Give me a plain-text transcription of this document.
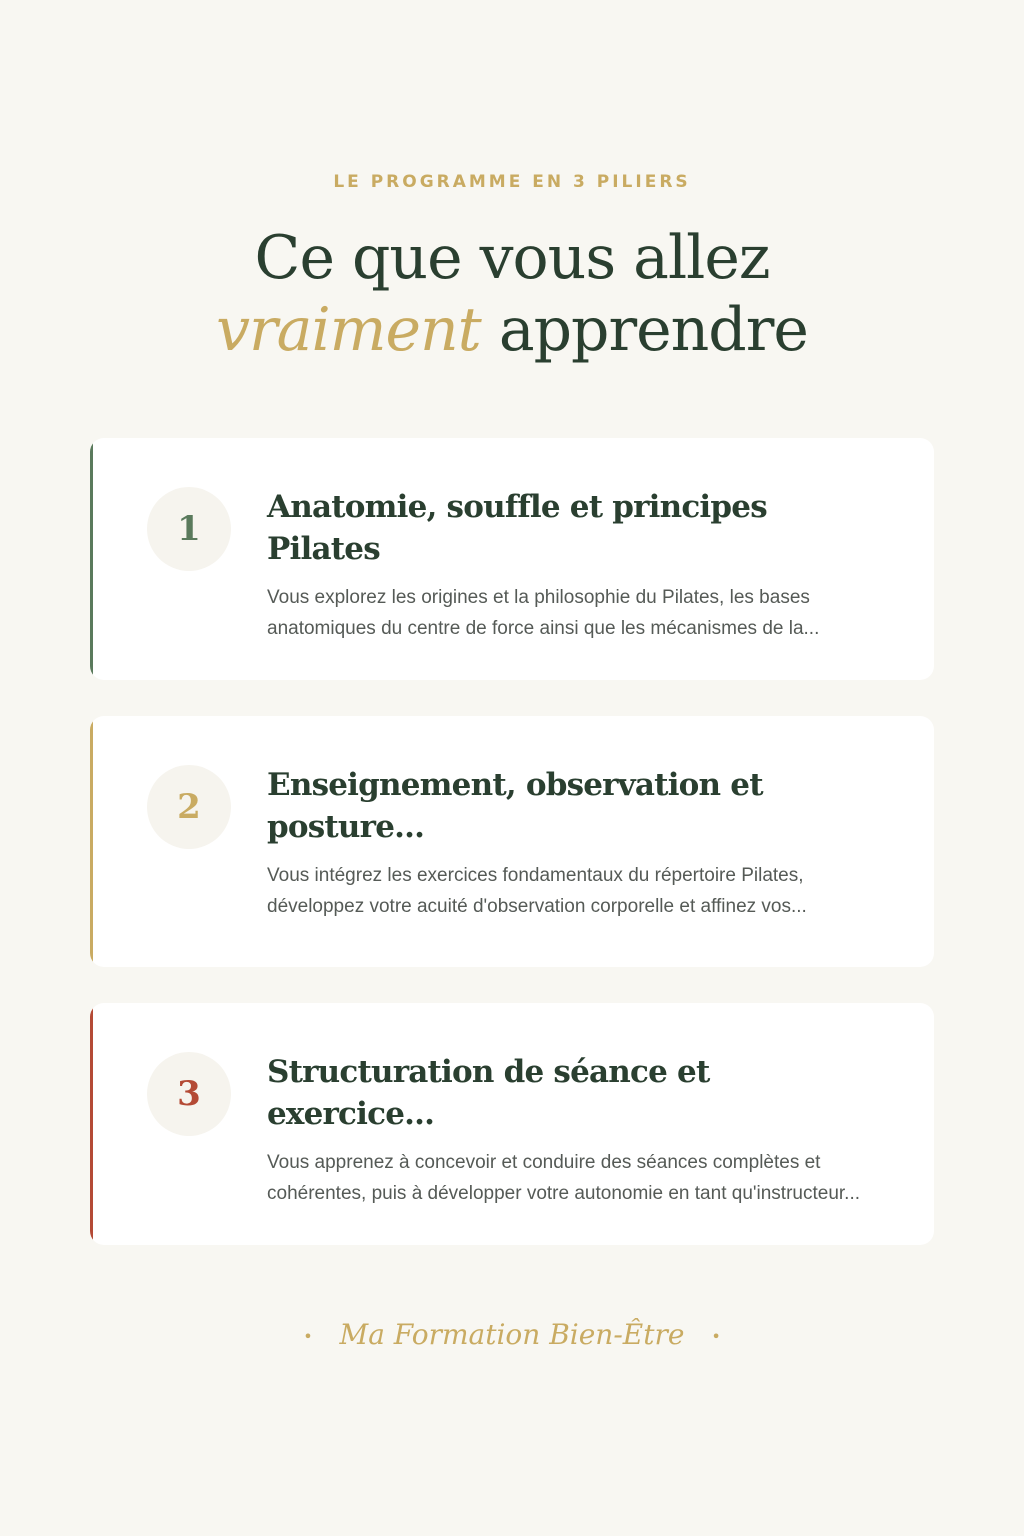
LE PROGRAMME EN 3 PILIERS
Ce que vous allez
vraiment apprendre
1
Anatomie, souffle et principes Pilates

Vous explorez les origines et la philosophie du Pilates, les bases anatomiques du centre de force ainsi que les mécanismes de la...

2
Enseignement, observation et posture...

Vous intégrez les exercices fondamentaux du répertoire Pilates, développez votre acuité d'observation corporelle et affinez vos...

3
Structuration de séance et exercice...

Vous apprenez à concevoir et conduire des séances complètes et cohérentes, puis à développer votre autonomie en tant qu'instructeur...

• Ma Formation Bien-Être •
